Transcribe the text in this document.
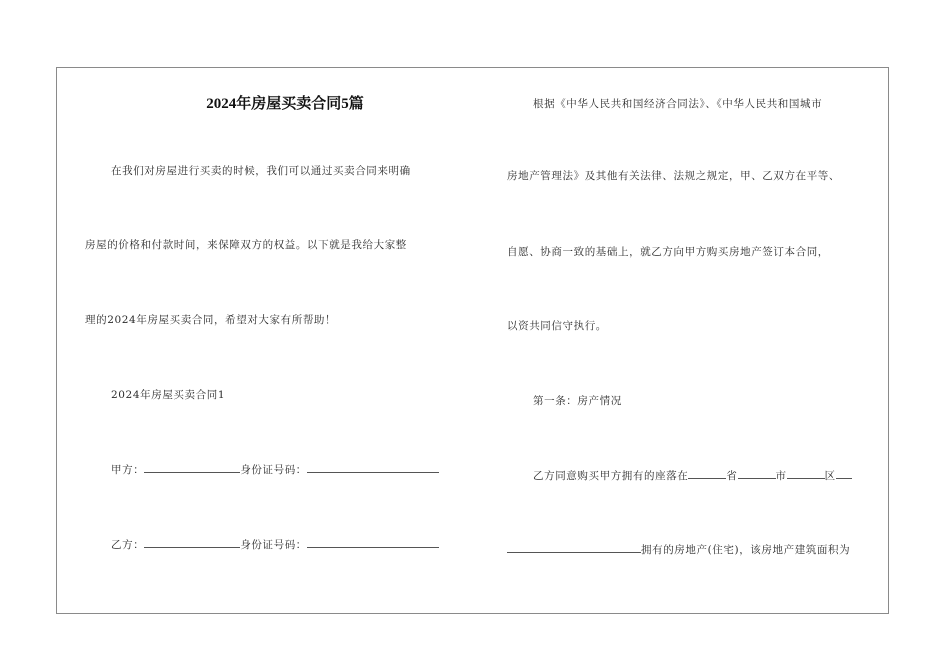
2024年房屋买卖合同5篇
在我们对房屋进行买卖的时候，我们可以通过买卖合同来明确
房屋的价格和付款时间，来保障双方的权益。以下就是我给大家整
理的2024年房屋买卖合同，希望对大家有所帮助！
2024年房屋买卖合同1
甲方：	身份证号码：
乙方：	身份证号码：
根据《中华人民共和国经济合同法》、《中华人民共和国城市
房地产管理法》及其他有关法律、法规之规定，甲、乙双方在平等、
自愿、协商一致的基础上，就乙方向甲方购买房地产签订本合同，
以资共同信守执行。
第一条：房产情况
乙方同意购买甲方拥有的座落在	省	市	区
拥有的房地产(住宅)，该房地产建筑面积为
